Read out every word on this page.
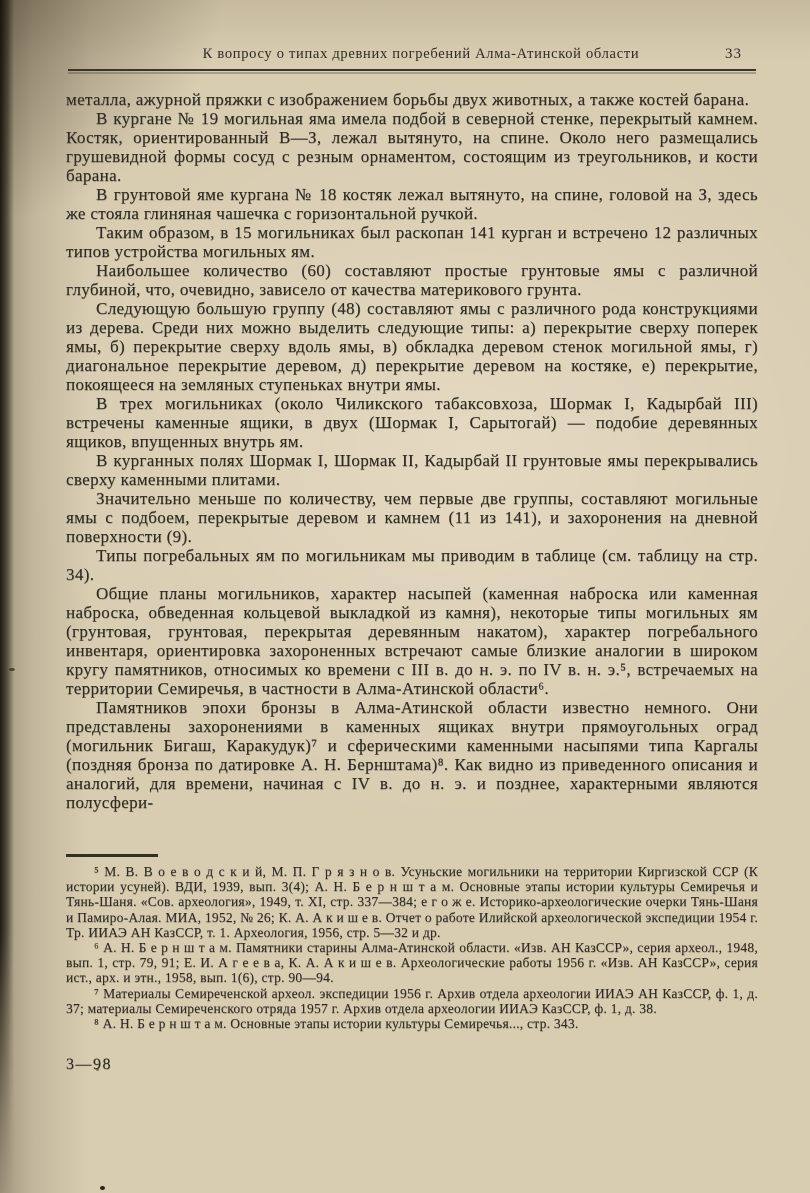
К вопросу о типах древних погребений Алма-Атинской области	33

металла, ажурной пряжки с изображением борьбы двух животных, а также костей барана.

В кургане № 19 могильная яма имела подбой в северной стенке, перекрытый камнем. Костяк, ориентированный В—З, лежал вытянуто, на спине. Около него размещались грушевидной формы сосуд с резным орнаментом, состоящим из треугольников, и кости барана.

В грунтовой яме кургана № 18 костяк лежал вытянуто, на спине, головой на З, здесь же стояла глиняная чашечка с горизонтальной ручкой.

Таким образом, в 15 могильниках был раскопан 141 курган и встречено 12 различных типов устройства могильных ям.

Наибольшее количество (60) составляют простые грунтовые ямы с различной глубиной, что, очевидно, зависело от качества материкового грунта.

Следующую большую группу (48) составляют ямы с различного рода конструкциями из дерева. Среди них можно выделить следующие типы: а) перекрытие сверху поперек ямы, б) перекрытие сверху вдоль ямы, в) обкладка деревом стенок могильной ямы, г) диагональное перекрытие деревом, д) перекрытие деревом на костяке, е) перекрытие, покоящееся на земляных ступеньках внутри ямы.

В трех могильниках (около Чиликского табаксовхоза, Шормак I, Кадырбай III) встречены каменные ящики, в двух (Шормак I, Сарытогай) — подобие деревянных ящиков, впущенных внутрь ям.

В курганных полях Шормак I, Шормак II, Кадырбай II грунтовые ямы перекрывались сверху каменными плитами.

Значительно меньше по количеству, чем первые две группы, составляют могильные ямы с подбоем, перекрытые деревом и камнем (11 из 141), и захоронения на дневной поверхности (9).

Типы погребальных ям по могильникам мы приводим в таблице (см. таблицу на стр. 34).

Общие планы могильников, характер насыпей (каменная наброска или каменная наброска, обведенная кольцевой выкладкой из камня), некоторые типы могильных ям (грунтовая, грунтовая, перекрытая деревянным накатом), характер погребального инвентаря, ориентировка захороненных встречают самые близкие аналогии в широком кругу памятников, относимых ко времени с III в. до н. э. по IV в. н. э.⁵, встречаемых на территории Семиречья, в частности в Алма-Атинской области⁶.

Памятников эпохи бронзы в Алма-Атинской области известно немного. Они представлены захоронениями в каменных ящиках внутри прямоугольных оград (могильник Бигаш, Каракудук)⁷ и сферическими каменными насыпями типа Каргалы (поздняя бронза по датировке А. Н. Бернштама)⁸. Как видно из приведенного описания и аналогий, для времени, начиная с IV в. до н. э. и позднее, характерными являются полусфери-

⁵ М. В. В о е в о д с к и й, М. П. Г р я з н о в. Усуньские могильники на территории Киргизской ССР (К истории усуней). ВДИ, 1939, вып. 3(4); А. Н. Б е р н ш т а м. Основные этапы истории культуры Семиречья и Тянь-Шаня. «Сов. археология», 1949, т. XI, стр. 337—384; е г о ж е. Историко-археологические очерки Тянь-Шаня и Памиро-Алая. МИА, 1952, № 26; К. А. А к и ш е в. Отчет о работе Илийской археологической экспедиции 1954 г. Тр. ИИАЭ АН КазССР, т. 1. Археология, 1956, стр. 5—32 и др.

⁶ А. Н. Б е р н ш т а м. Памятники старины Алма-Атинской области. «Изв. АН КазССР», серия археол., 1948, вып. 1, стр. 79, 91; Е. И. А г е е в а, К. А. А к и ш е в. Археологические работы 1956 г. «Изв. АН КазССР», серия ист., арх. и этн., 1958, вып. 1(6), стр. 90—94.

⁷ Материалы Семиреченской археол. экспедиции 1956 г. Архив отдела археологии ИИАЭ АН КазССР, ф. 1, д. 37; материалы Семиреченского отряда 1957 г. Архив отдела археологии ИИАЭ КазССР, ф. 1, д. 38.

⁸ А. Н. Б е р н ш т а м. Основные этапы истории культуры Семиречья..., стр. 343.

3—98
